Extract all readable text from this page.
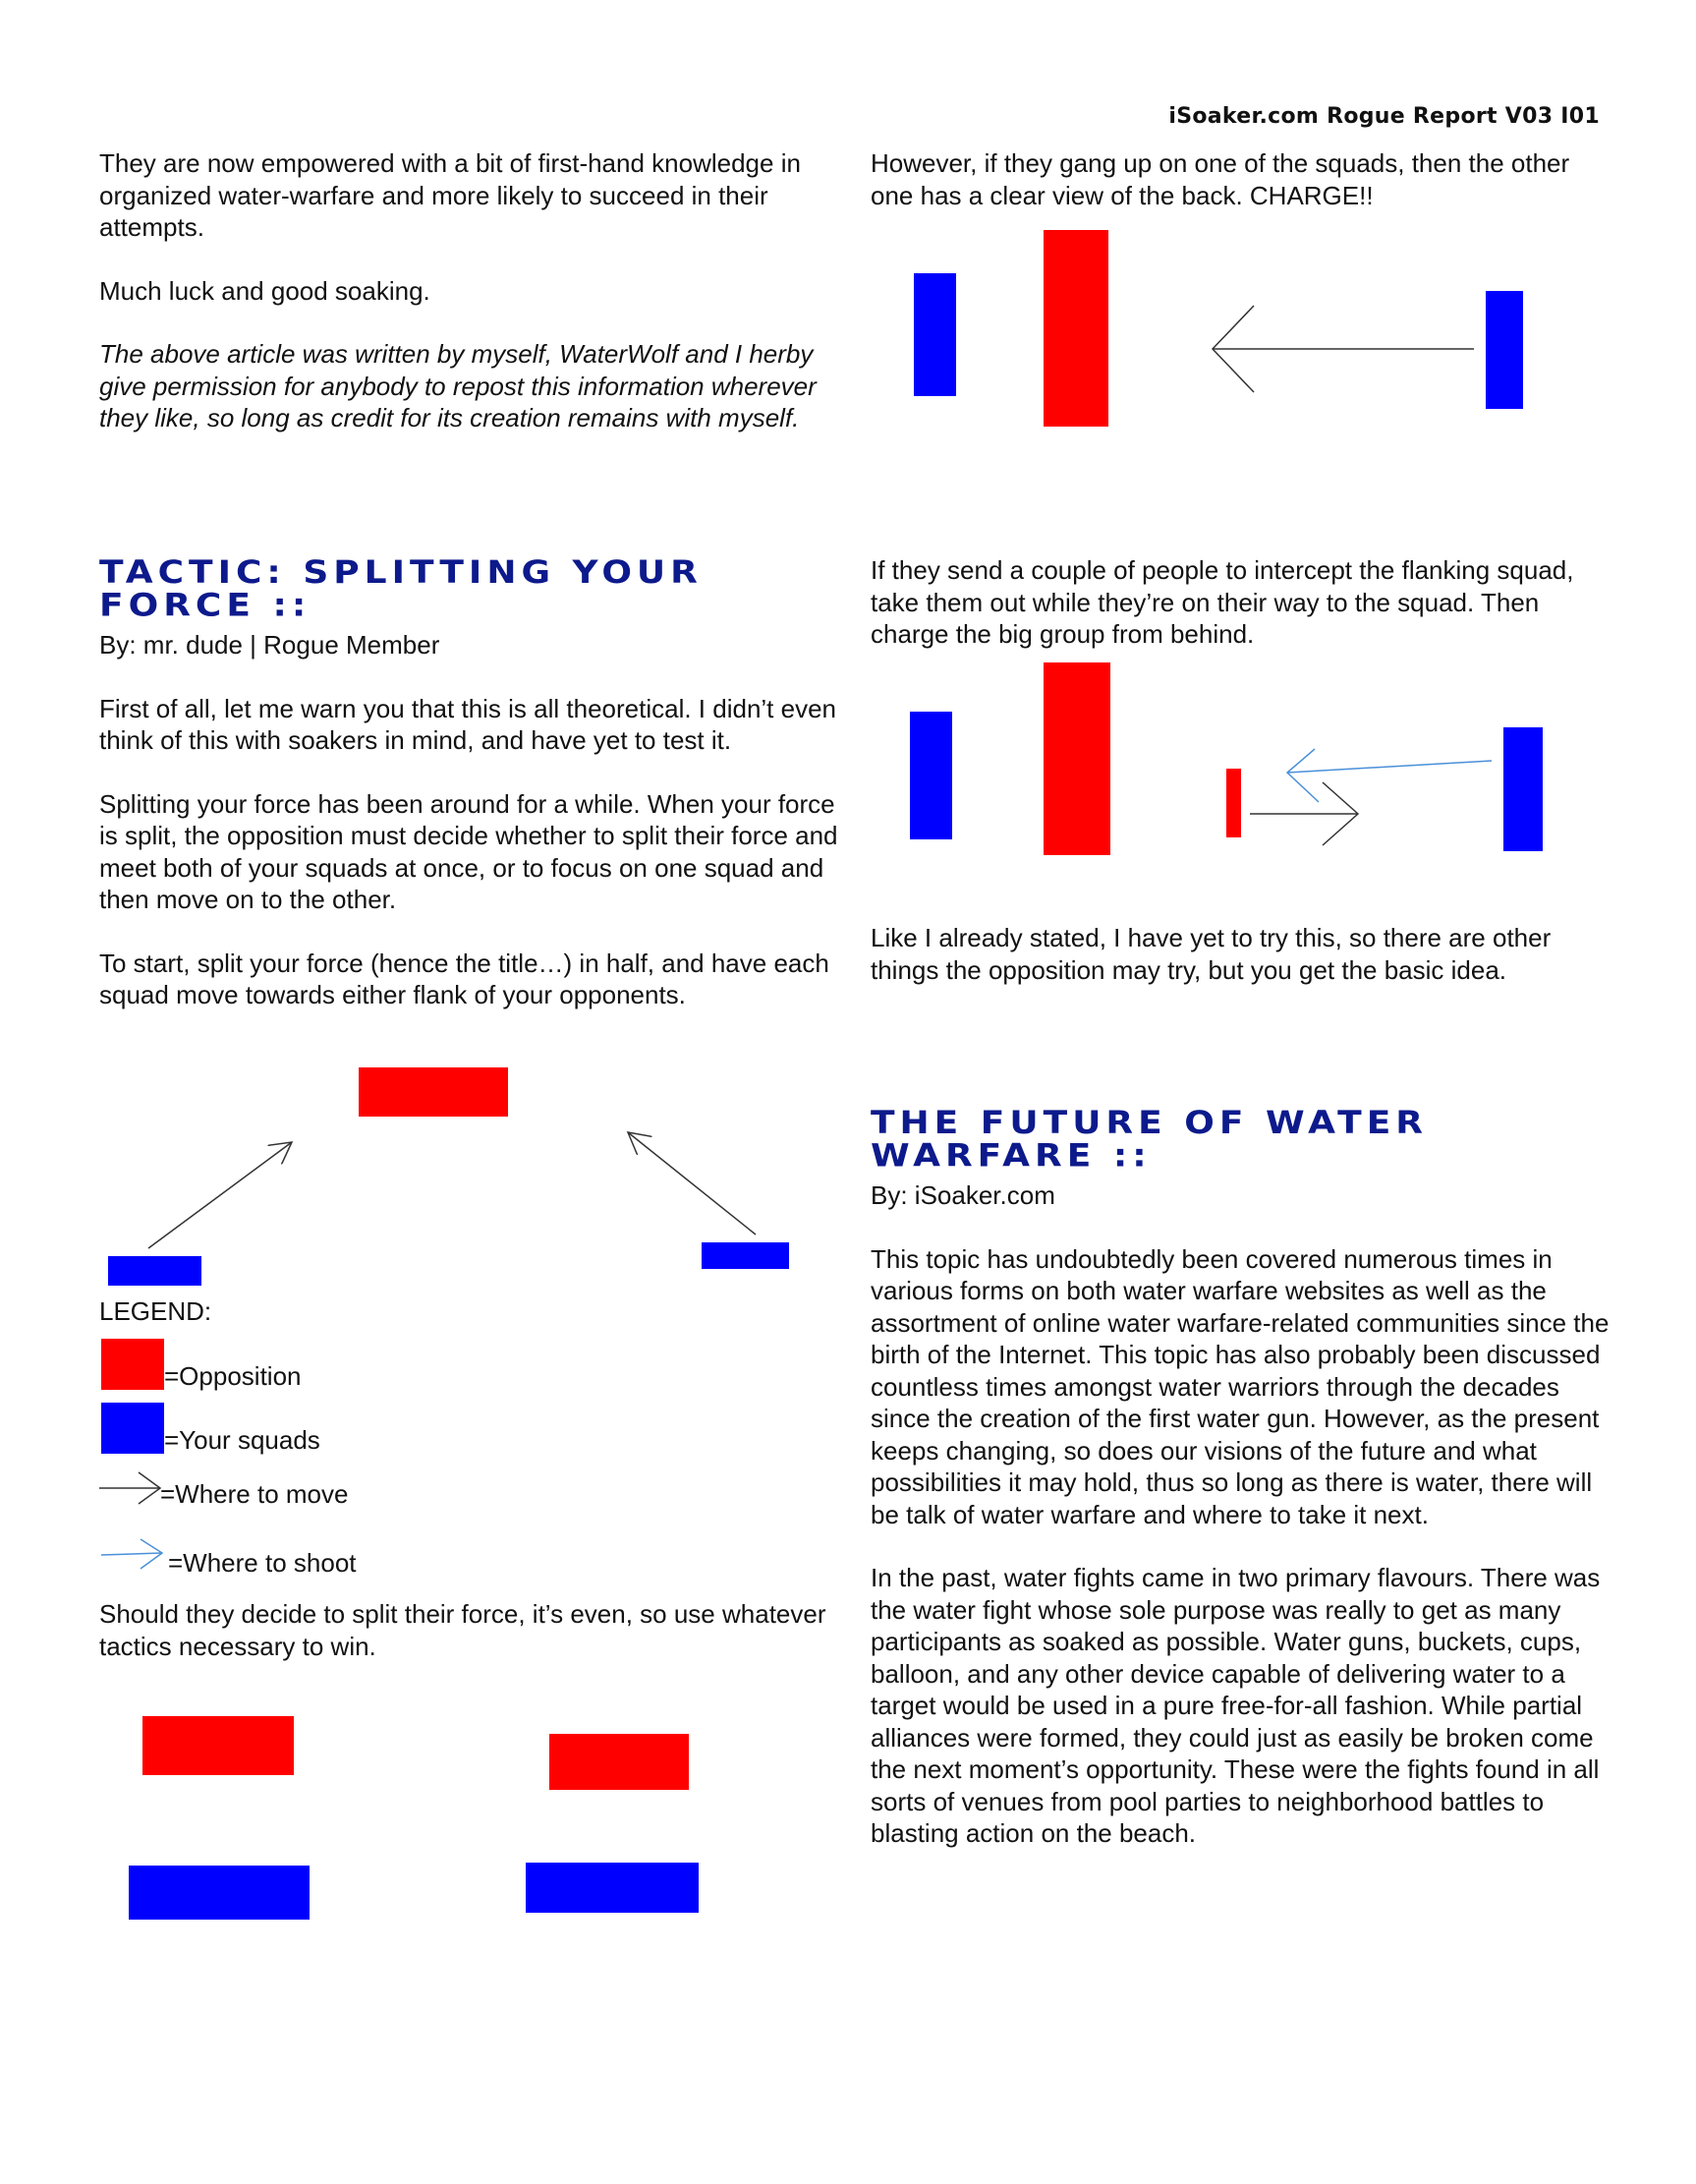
iSoaker.com Rogue Report V03 I01

They are now empowered with a bit of first-hand knowledge in organized water-warfare and more likely to succeed in their attempts.

Much luck and good soaking.

The above article was written by myself, WaterWolf and I herby give permission for anybody to repost this information wherever they like, so long as credit for its creation remains with myself.

TACTIC: SPLITTING YOUR FORCE ::
By: mr. dude | Rogue Member

First of all, let me warn you that this is all theoretical. I didn’t even think of this with soakers in mind, and have yet to test it.

Splitting your force has been around for a while. When your force is split, the opposition must decide whether to split their force and meet both of your squads at once, or to focus on one squad and then move on to the other.

To start, split your force (hence the title…) in half, and have each squad move towards either flank of your opponents.

LEGEND:
=Opposition
=Your squads
=Where to move
=Where to shoot

Should they decide to split their force, it’s even, so use whatever tactics necessary to win.

However, if they gang up on one of the squads, then the other one has a clear view of the back. CHARGE!!

If they send a couple of people to intercept the flanking squad, take them out while they’re on their way to the squad. Then charge the big group from behind.

Like I already stated, I have yet to try this, so there are other things the opposition may try, but you get the basic idea.

THE FUTURE OF WATER WARFARE ::
By: iSoaker.com

This topic has undoubtedly been covered numerous times in various forms on both water warfare websites as well as the assortment of online water warfare-related communities since the birth of the Internet. This topic has also probably been discussed countless times amongst water warriors through the decades since the creation of the first water gun. However, as the present keeps changing, so does our visions of the future and what possibilities it may hold, thus so long as there is water, there will be talk of water warfare and where to take it next.

In the past, water fights came in two primary flavours. There was the water fight whose sole purpose was really to get as many participants as soaked as possible. Water guns, buckets, cups, balloon, and any other device capable of delivering water to a target would be used in a pure free-for-all fashion. While partial alliances were formed, they could just as easily be broken come the next moment’s opportunity. These were the fights found in all sorts of venues from pool parties to neighborhood battles to blasting action on the beach.
